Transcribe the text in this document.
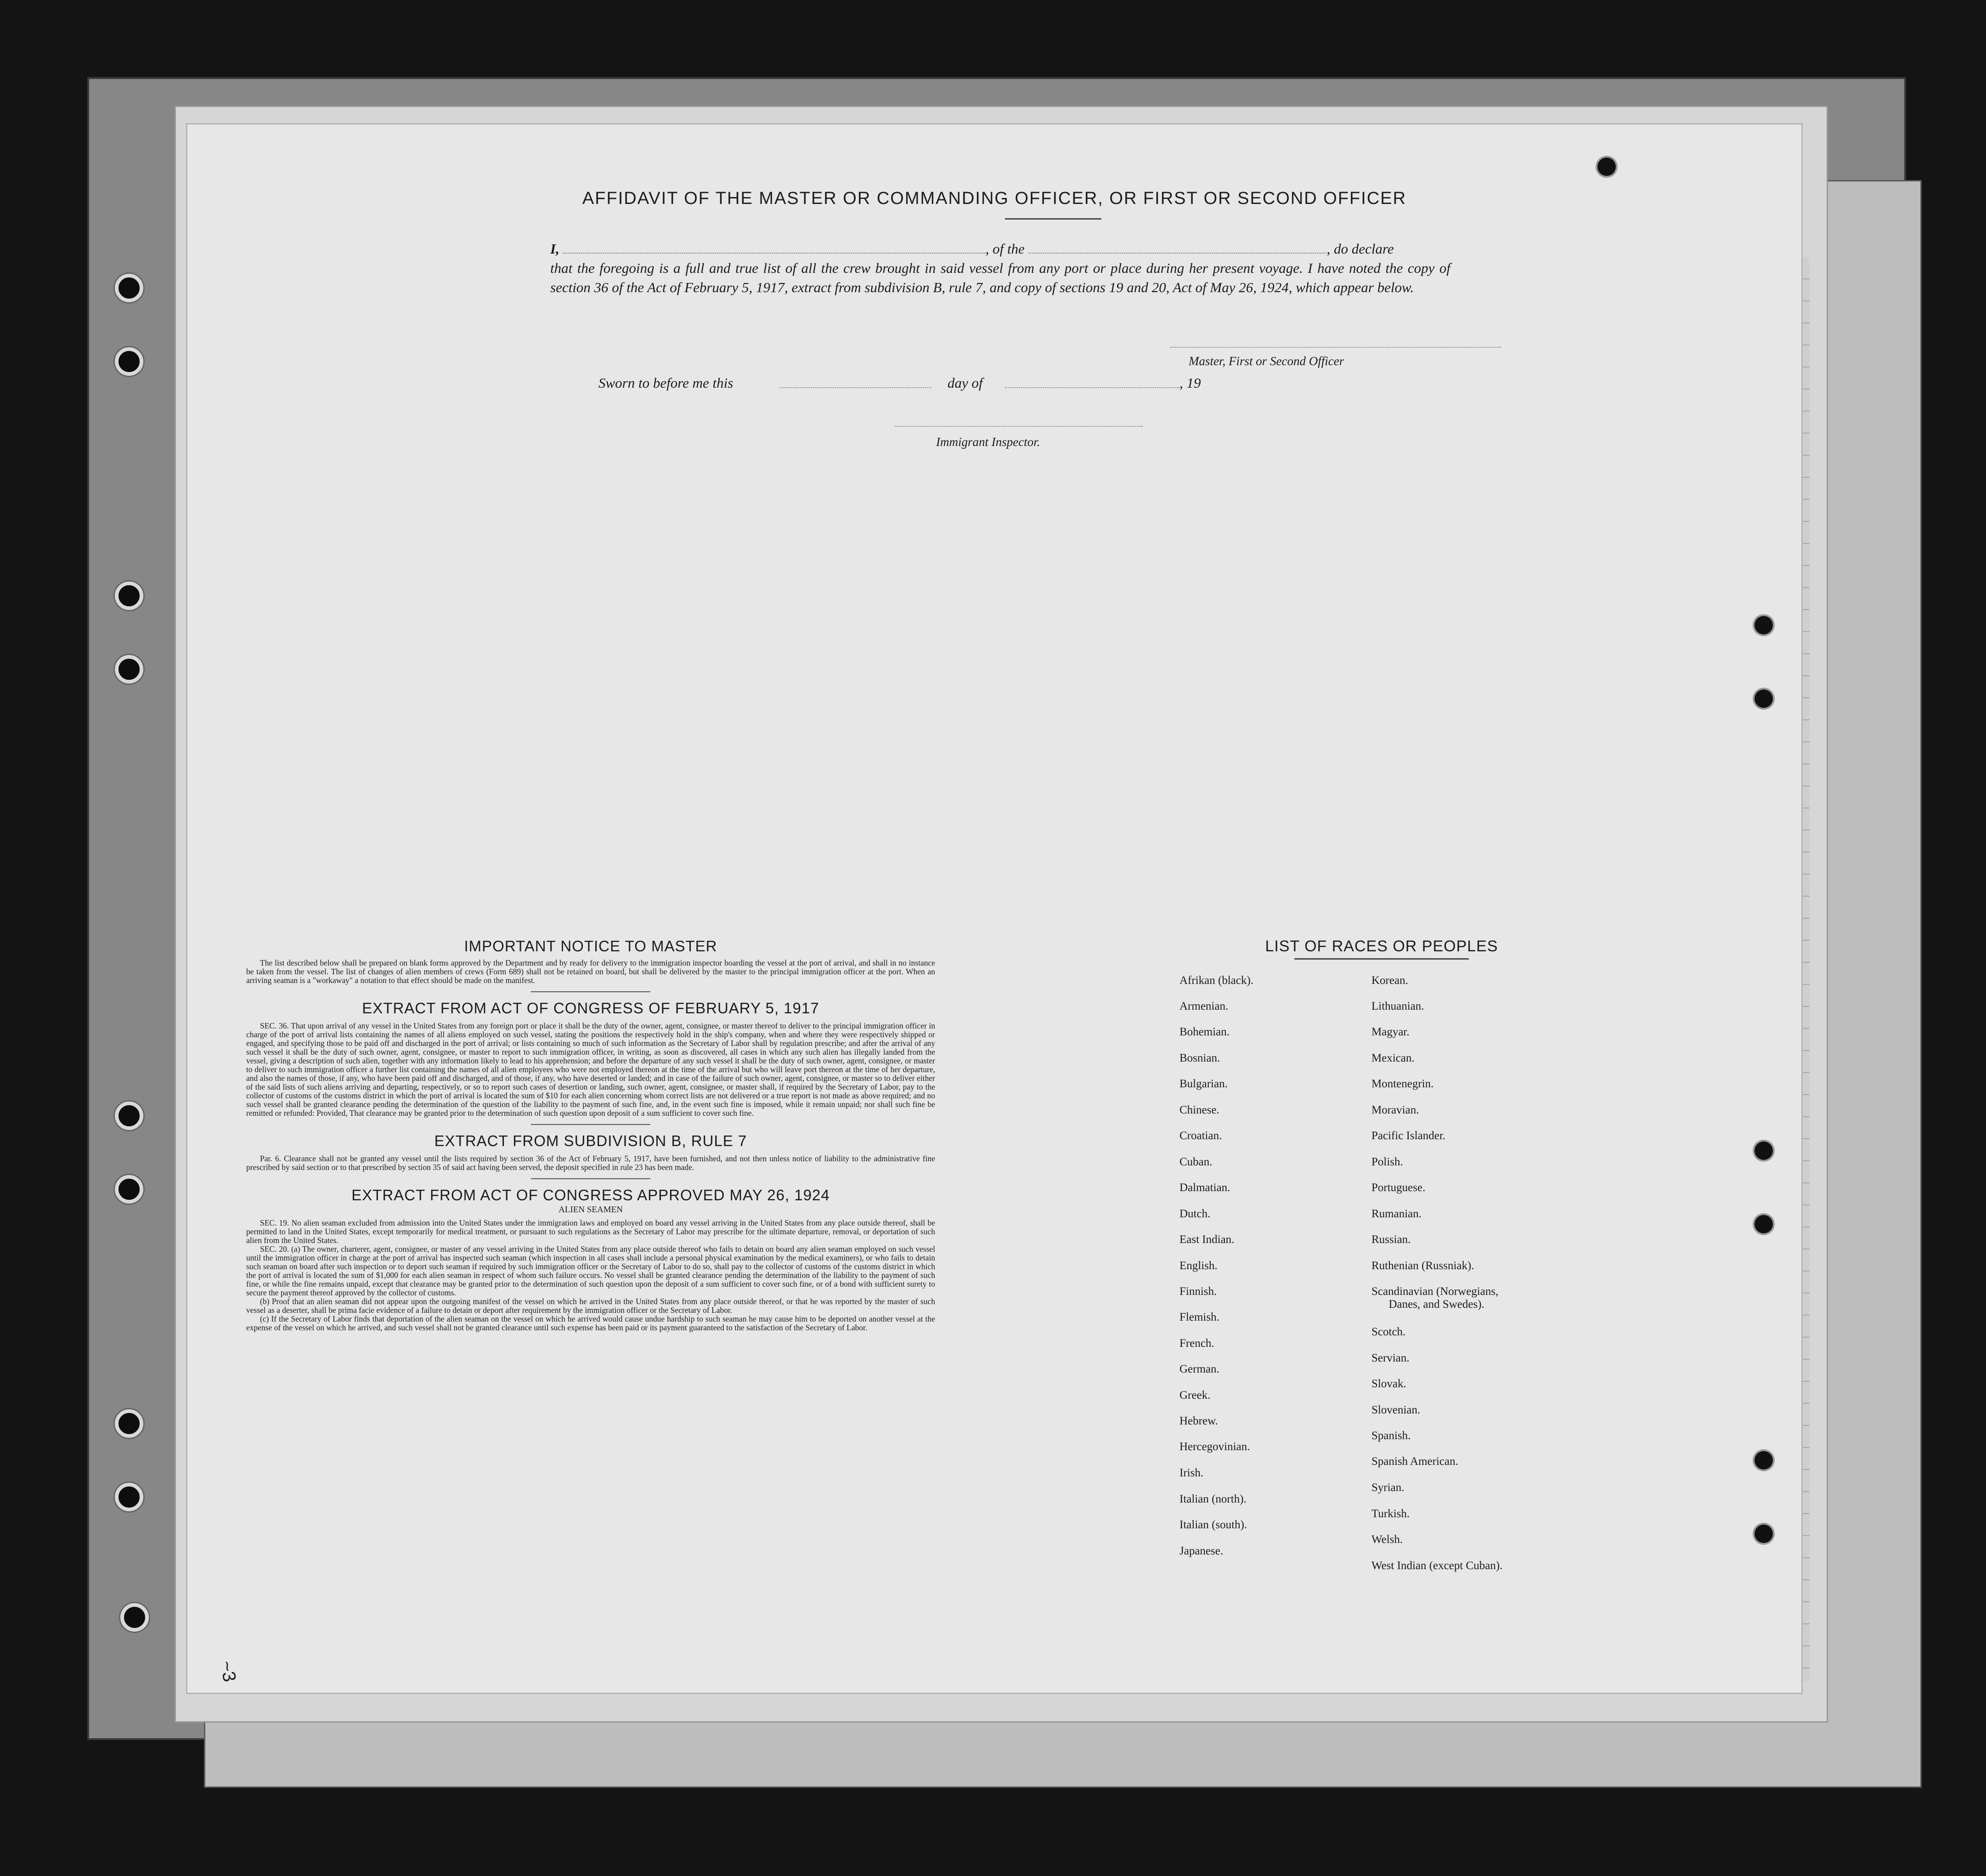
AFFIDAVIT OF THE MASTER OR COMMANDING OFFICER, OR FIRST OR SECOND OFFICER
I,	, of the	, do declare
that the foregoing is a full and true list of all the crew brought in said vessel from any port or place during her present voyage. I have noted the copy of section 36 of the Act of February 5, 1917, extract from subdivision B, rule 7, and copy of sections 19 and 20, Act of May 26, 1924, which appear below.
Master, First or Second Officer
Sworn to before me this	day of	, 19
Immigrant Inspector.

IMPORTANT NOTICE TO MASTER

The list described below shall be prepared on blank forms approved by the Department and by ready for delivery to the immigration inspector boarding the vessel at the port of arrival, and shall in no instance be taken from the vessel. The list of changes of alien members of crews (Form 689) shall not be retained on board, but shall be delivered by the master to the principal immigration officer at the port. When an arriving seaman is a "workaway" a notation to that effect should be made on the manifest.

EXTRACT FROM ACT OF CONGRESS OF FEBRUARY 5, 1917

SEC. 36. That upon arrival of any vessel in the United States from any foreign port or place it shall be the duty of the owner, agent, consignee, or master thereof to deliver to the principal immigration officer in charge of the port of arrival lists containing the names of all aliens employed on such vessel, stating the positions the respectively hold in the ship's company, when and where they were respectively shipped or engaged, and specifying those to be paid off and discharged in the port of arrival; or lists containing so much of such information as the Secretary of Labor shall by regulation prescribe; and after the arrival of any such vessel it shall be the duty of such owner, agent, consignee, or master to report to such immigration officer, in writing, as soon as discovered, all cases in which any such alien has illegally landed from the vessel, giving a description of such alien, together with any information likely to lead to his apprehension; and before the departure of any such vessel it shall be the duty of such owner, agent, consignee, or master to deliver to such immigration officer a further list containing the names of all alien employees who were not employed thereon at the time of the arrival but who will leave port thereon at the time of her departure, and also the names of those, if any, who have been paid off and discharged, and of those, if any, who have deserted or landed; and in case of the failure of such owner, agent, consignee, or master so to deliver either of the said lists of such aliens arriving and departing, respectively, or so to report such cases of desertion or landing, such owner, agent, consignee, or master shall, if required by the Secretary of Labor, pay to the collector of customs of the customs district in which the port of arrival is located the sum of $10 for each alien concerning whom correct lists are not delivered or a true report is not made as above required; and no such vessel shall be granted clearance pending the determination of the question of the liability to the payment of such fine, and, in the event such fine is imposed, while it remain unpaid; nor shall such fine be remitted or refunded: Provided, That clearance may be granted prior to the determination of such question upon deposit of a sum sufficient to cover such fine.

EXTRACT FROM SUBDIVISION B, RULE 7

Par. 6. Clearance shall not be granted any vessel until the lists required by section 36 of the Act of February 5, 1917, have been furnished, and not then unless notice of liability to the administrative fine prescribed by said section or to that prescribed by section 35 of said act having been served, the deposit specified in rule 23 has been made.

EXTRACT FROM ACT OF CONGRESS APPROVED MAY 26, 1924

ALIEN SEAMEN

SEC. 19. No alien seaman excluded from admission into the United States under the immigration laws and employed on board any vessel arriving in the United States from any place outside thereof, shall be permitted to land in the United States, except temporarily for medical treatment, or pursuant to such regulations as the Secretary of Labor may prescribe for the ultimate departure, removal, or deportation of such alien from the United States.

SEC. 20. (a) The owner, charterer, agent, consignee, or master of any vessel arriving in the United States from any place outside thereof who fails to detain on board any alien seaman employed on such vessel until the immigration officer in charge at the port of arrival has inspected such seaman (which inspection in all cases shall include a personal physical examination by the medical examiners), or who fails to detain such seaman on board after such inspection or to deport such seaman if required by such immigration officer or the Secretary of Labor to do so, shall pay to the collector of customs of the customs district in which the port of arrival is located the sum of $1,000 for each alien seaman in respect of whom such failure occurs. No vessel shall be granted clearance pending the determination of the liability to the payment of such fine, or while the fine remains unpaid, except that clearance may be granted prior to the determination of such question upon the deposit of a sum sufficient to cover such fine, or of a bond with sufficient surety to secure the payment thereof approved by the collector of customs.

(b) Proof that an alien seaman did not appear upon the outgoing manifest of the vessel on which he arrived in the United States from any place outside thereof, or that he was reported by the master of such vessel as a deserter, shall be prima facie evidence of a failure to detain or deport after requirement by the immigration officer or the Secretary of Labor.

(c) If the Secretary of Labor finds that deportation of the alien seaman on the vessel on which he arrived would cause undue hardship to such seaman he may cause him to be deported on another vessel at the expense of the vessel on which he arrived, and such vessel shall not be granted clearance until such expense has been paid or its payment guaranteed to the satisfaction of the Secretary of Labor.

LIST OF RACES OR PEOPLES
Afrikan (black).
Armenian.
Bohemian.
Bosnian.
Bulgarian.
Chinese.
Croatian.
Cuban.
Dalmatian.
Dutch.
East Indian.
English.
Finnish.
Flemish.
French.
German.
Greek.
Hebrew.
Hercegovinian.
Irish.
Italian (north).
Italian (south).
Japanese.
Korean.
Lithuanian.
Magyar.
Mexican.
Montenegrin.
Moravian.
Pacific Islander.
Polish.
Portuguese.
Rumanian.
Russian.
Ruthenian (Russniak).
Scandinavian (Norwegians,
Danes, and Swedes).
Scotch.
Servian.
Slovak.
Slovenian.
Spanish.
Spanish American.
Syrian.
Turkish.
Welsh.
West Indian (except Cuban).
~3
